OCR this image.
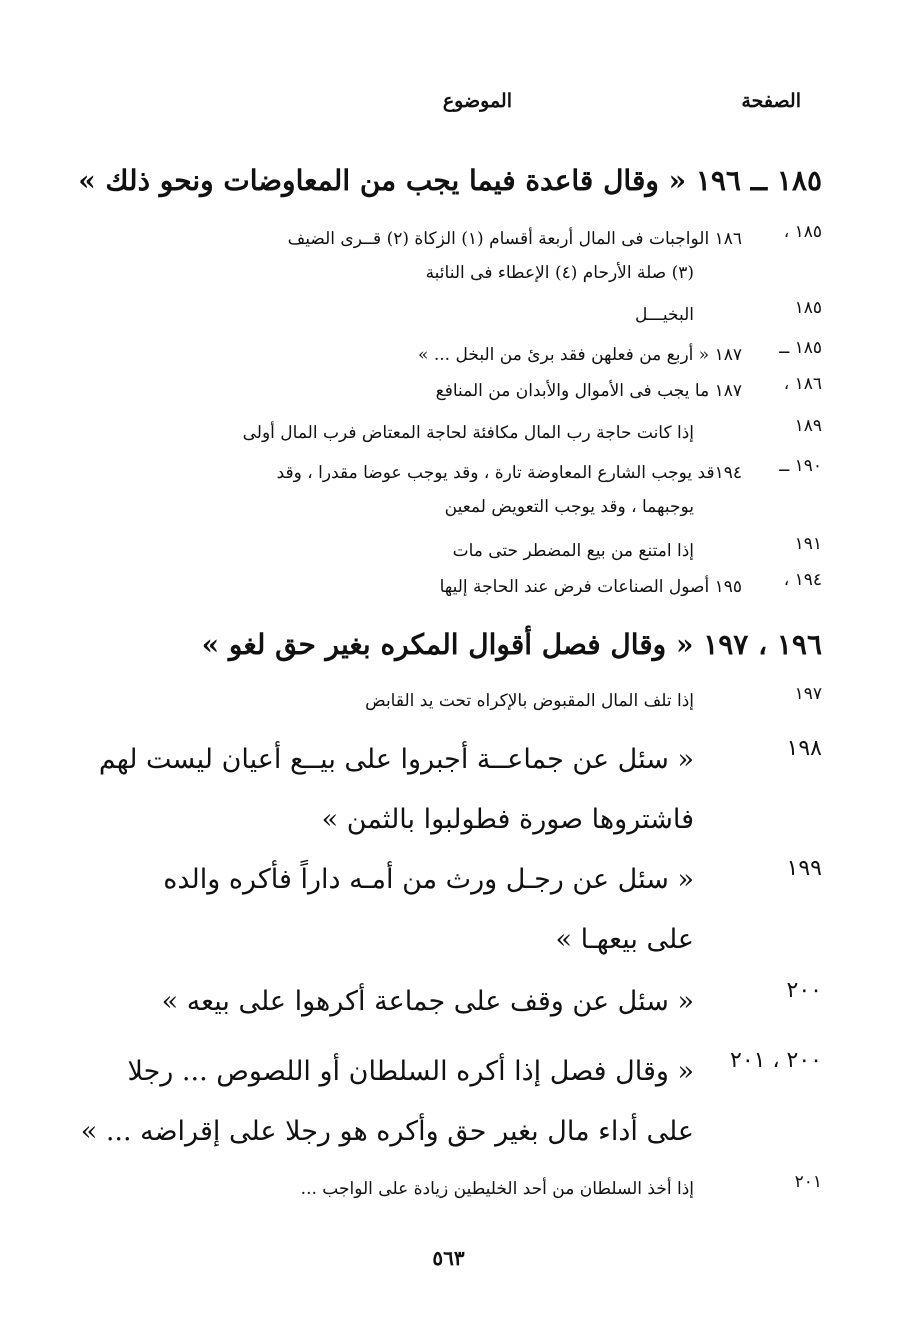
الصفحة
الموضوع
١٨٥ ــ ١٩٦ « وقال قاعدة فيما يجب من المعاوضات ونحو ذلك »
١٨٥ ،
١٨٦ الواجبات فى المال أربعة أقسام (١) الزكاة (٢) قــرى الضيف
(٣) صلة الأرحام (٤) الإعطاء فى النائبة
١٨٥
البخيـــل
١٨٥ ــ
١٨٧ « أربع من فعلهن فقد برئ من البخل ... »
١٨٦ ،
١٨٧ ما يجب فى الأموال والأبدان من المنافع
١٨٩
إذا كانت حاجة رب المال مكافئة لحاجة المعتاض فرب المال أولى
١٩٠ ــ
١٩٤قد يوجب الشارع المعاوضة تارة ، وقد يوجب عوضا مقدرا ، وقد
يوجبهما ، وقد يوجب التعويض لمعين
١٩١
إذا امتنع من بيع المضطر حتى مات
١٩٤ ،
١٩٥ أصول الصناعات فرض عند الحاجة إليها
١٩٦ ، ١٩٧ « وقال فصل أقوال المكره بغير حق لغو »
١٩٧
إذا تلف المال المقبوض بالإكراه تحت يد القابض
١٩٨
« سئل عن جماعــة أجبروا على بيــع أعيان ليست لهم
فاشتروها صورة فطولبوا بالثمن »
١٩٩
« سئل عن رجـل ورث من أمـه داراً فأكره والده
على بيعهـا »
٢٠٠
« سئل عن وقف على جماعة أكرهوا على بيعه »
٢٠٠ ، ٢٠١
« وقال فصل إذا أكره السلطان أو اللصوص ... رجلا
على أداء مال بغير حق وأكره هو رجلا على إقراضه ... »
٢٠١
إذا أخذ السلطان من أحد الخليطين زيادة على الواجب ...
٥٦٣
